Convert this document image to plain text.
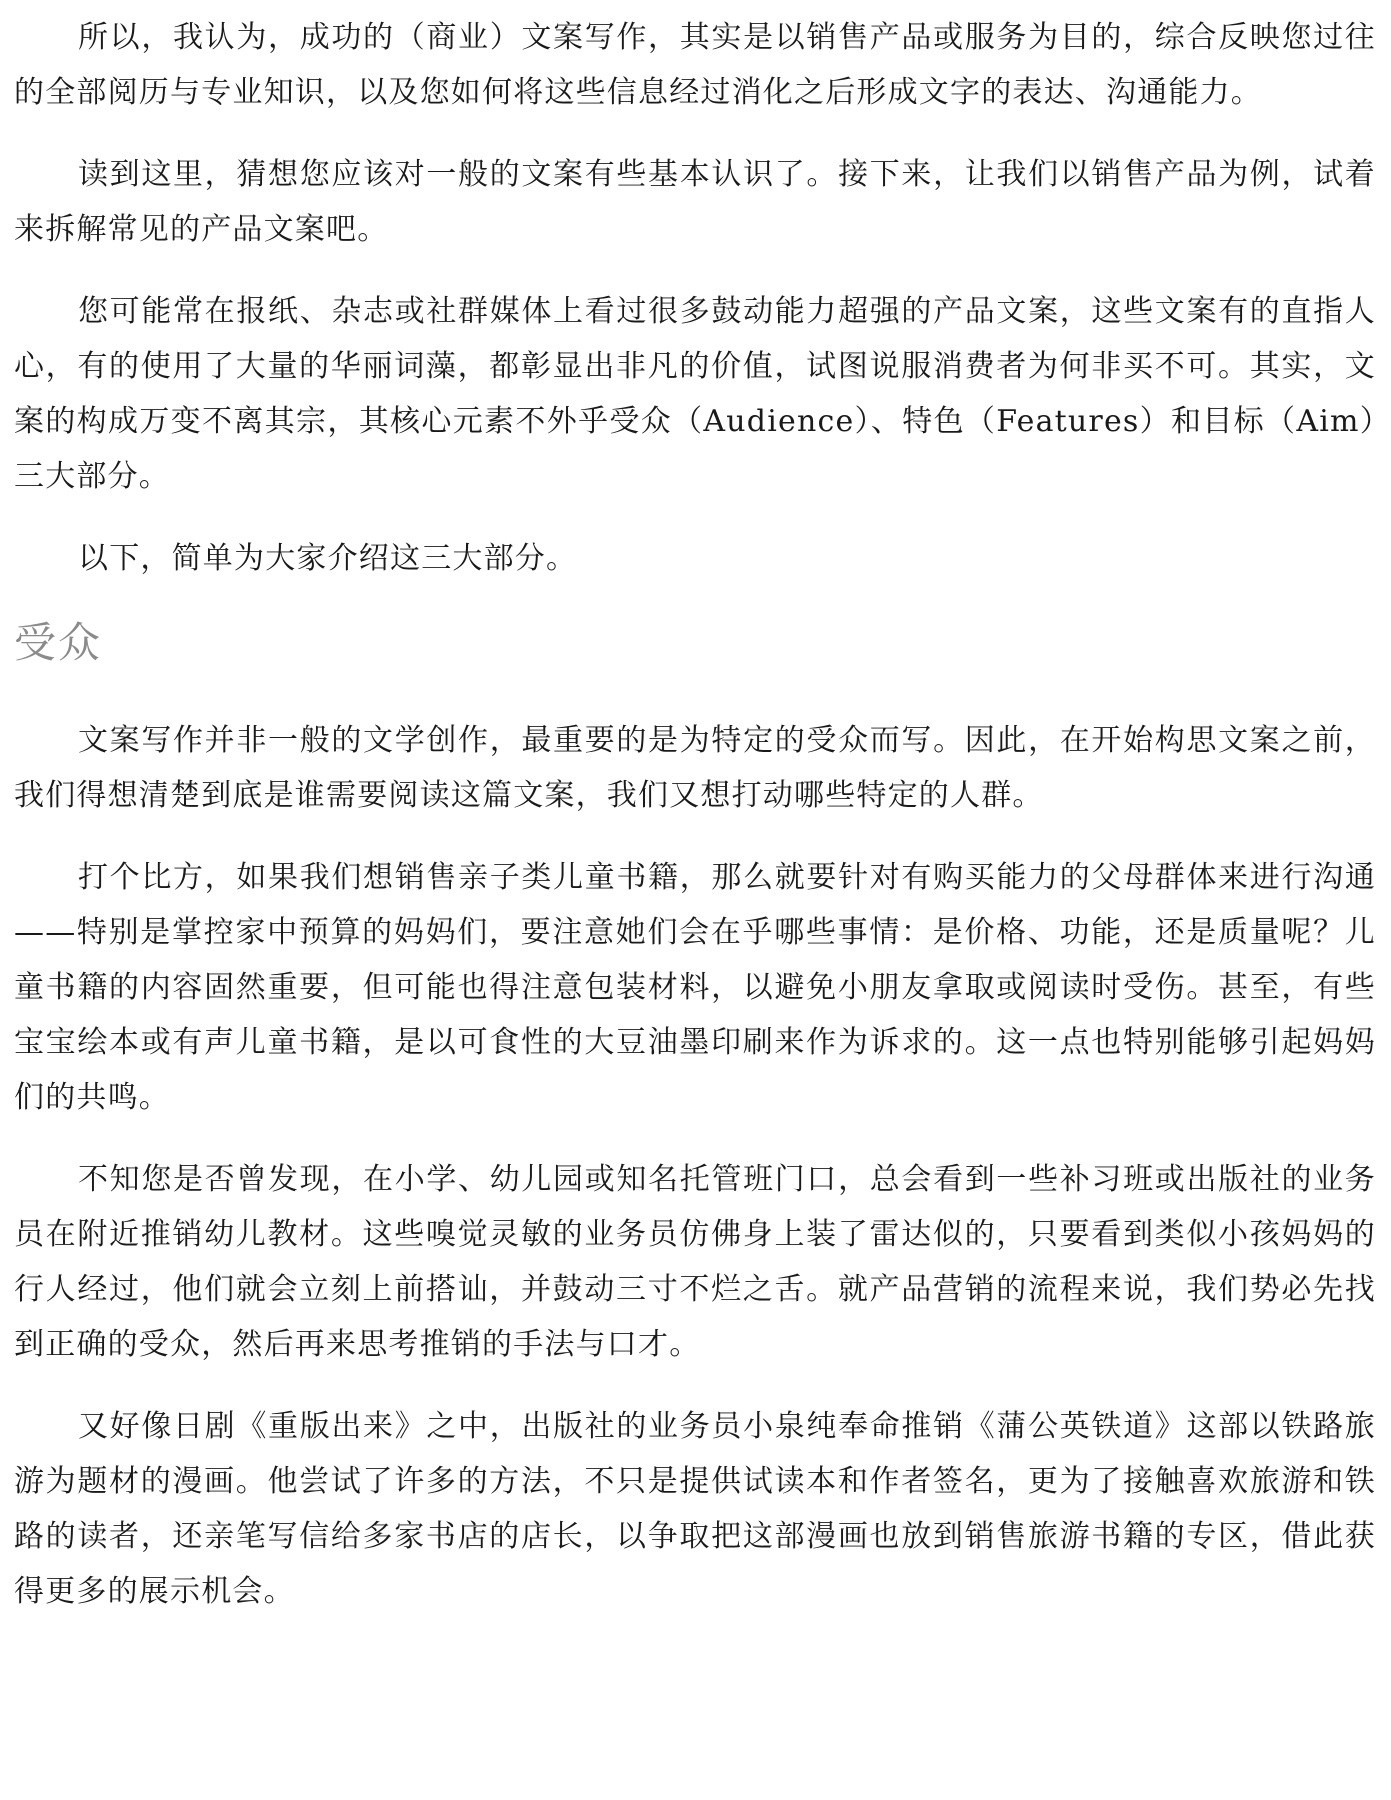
所以，我认为，成功的（商业）文案写作，其实是以销售产品或服务为目的，综合反映您过往的全部阅历与专业知识，以及您如何将这些信息经过消化之后形成文字的表达、沟通能力。

读到这里，猜想您应该对一般的文案有些基本认识了。接下来，让我们以销售产品为例，试着来拆解常见的产品文案吧。

您可能常在报纸、杂志或社群媒体上看过很多鼓动能力超强的产品文案，这些文案有的直指人心，有的使用了大量的华丽词藻，都彰显出非凡的价值，试图说服消费者为何非买不可。其实，文案的构成万变不离其宗，其核心元素不外乎受众（Audience）、特色（Features）和目标（Aim）三大部分。

以下，简单为大家介绍这三大部分。

受众

文案写作并非一般的文学创作，最重要的是为特定的受众而写。因此，在开始构思文案之前，我们得想清楚到底是谁需要阅读这篇文案，我们又想打动哪些特定的人群。

打个比方，如果我们想销售亲子类儿童书籍，那么就要针对有购买能力的父母群体来进行沟通——特别是掌控家中预算的妈妈们，要注意她们会在乎哪些事情：是价格、功能，还是质量呢？儿童书籍的内容固然重要，但可能也得注意包装材料，以避免小朋友拿取或阅读时受伤。甚至，有些宝宝绘本或有声儿童书籍，是以可食性的大豆油墨印刷来作为诉求的。这一点也特别能够引起妈妈们的共鸣。

不知您是否曾发现，在小学、幼儿园或知名托管班门口，总会看到一些补习班或出版社的业务员在附近推销幼儿教材。这些嗅觉灵敏的业务员仿佛身上装了雷达似的，只要看到类似小孩妈妈的行人经过，他们就会立刻上前搭讪，并鼓动三寸不烂之舌。就产品营销的流程来说，我们势必先找到正确的受众，然后再来思考推销的手法与口才。

又好像日剧《重版出来》之中，出版社的业务员小泉纯奉命推销《蒲公英铁道》这部以铁路旅游为题材的漫画。他尝试了许多的方法，不只是提供试读本和作者签名，更为了接触喜欢旅游和铁路的读者，还亲笔写信给多家书店的店长，以争取把这部漫画也放到销售旅游书籍的专区，借此获得更多的展示机会。
